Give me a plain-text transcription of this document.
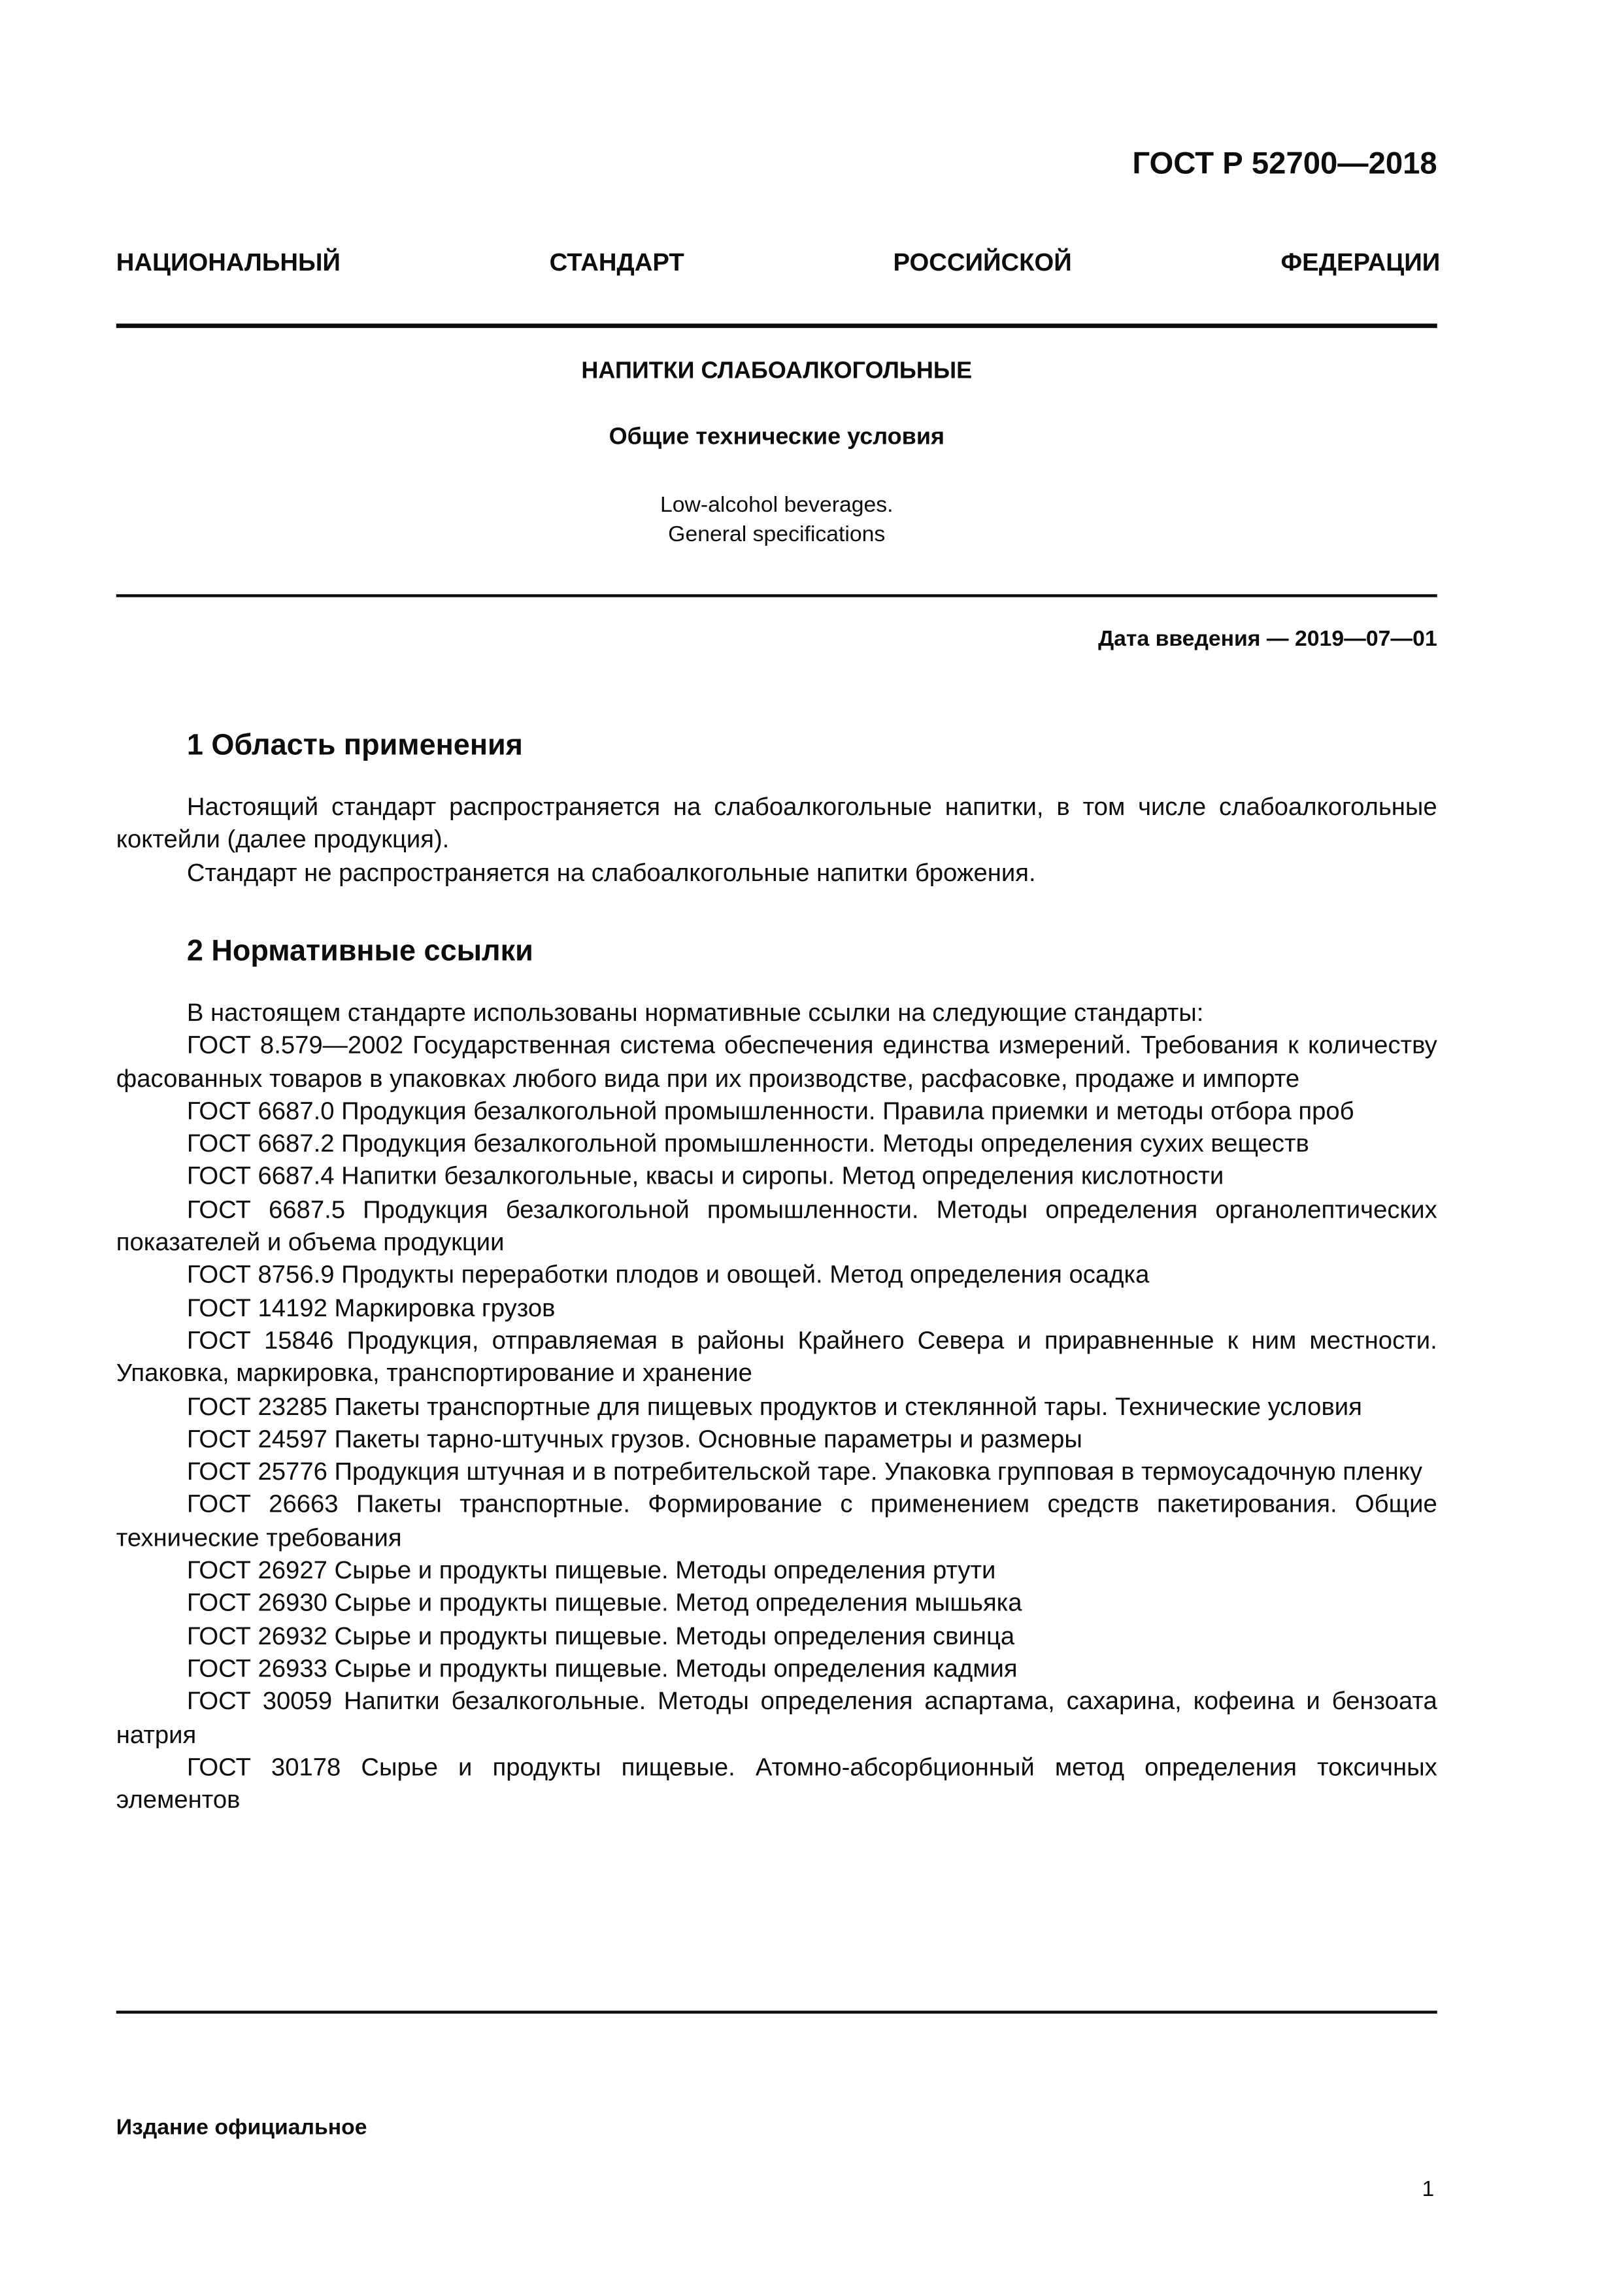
ГОСТ Р 52700—2018
НАЦИОНАЛЬНЫЙ	СТАНДАРТ	РОССИЙСКОЙ	ФЕДЕРАЦИИ
НАПИТКИ СЛАБОАЛКОГОЛЬНЫЕ
Общие технические условия
Low-alcohol beverages.
General specifications
Дата введения — 2019—07—01
1 Область применения

Настоящий стандарт распространяется на слабоалкогольные напитки, в том числе слабоалкогольные коктейли (далее продукция).

Стандарт не распространяется на слабоалкогольные напитки брожения.

2 Нормативные ссылки

В настоящем стандарте использованы нормативные ссылки на следующие стандарты:

ГОСТ 8.579—2002 Государственная система обеспечения единства измерений. Требования к количеству фасованных товаров в упаковках любого вида при их производстве, расфасовке, продаже и импорте

ГОСТ 6687.0 Продукция безалкогольной промышленности. Правила приемки и методы отбора проб

ГОСТ 6687.2 Продукция безалкогольной промышленности. Методы определения сухих веществ

ГОСТ 6687.4 Напитки безалкогольные, квасы и сиропы. Метод определения кислотности

ГОСТ 6687.5 Продукция безалкогольной промышленности. Методы определения органолептических показателей и объема продукции

ГОСТ 8756.9 Продукты переработки плодов и овощей. Метод определения осадка

ГОСТ 14192 Маркировка грузов

ГОСТ 15846 Продукция, отправляемая в районы Крайнего Севера и приравненные к ним местности. Упаковка, маркировка, транспортирование и хранение

ГОСТ 23285 Пакеты транспортные для пищевых продуктов и стеклянной тары. Технические условия

ГОСТ 24597 Пакеты тарно-штучных грузов. Основные параметры и размеры

ГОСТ 25776 Продукция штучная и в потребительской таре. Упаковка групповая в термоусадочную пленку

ГОСТ 26663 Пакеты транспортные. Формирование с применением средств пакетирования. Общие технические требования

ГОСТ 26927 Сырье и продукты пищевые. Методы определения ртути

ГОСТ 26930 Сырье и продукты пищевые. Метод определения мышьяка

ГОСТ 26932 Сырье и продукты пищевые. Методы определения свинца

ГОСТ 26933 Сырье и продукты пищевые. Методы определения кадмия

ГОСТ 30059 Напитки безалкогольные. Методы определения аспартама, сахарина, кофеина и бензоата натрия

ГОСТ 30178 Сырье и продукты пищевые. Атомно-абсорбционный метод определения токсичных элементов

Издание официальное
1
